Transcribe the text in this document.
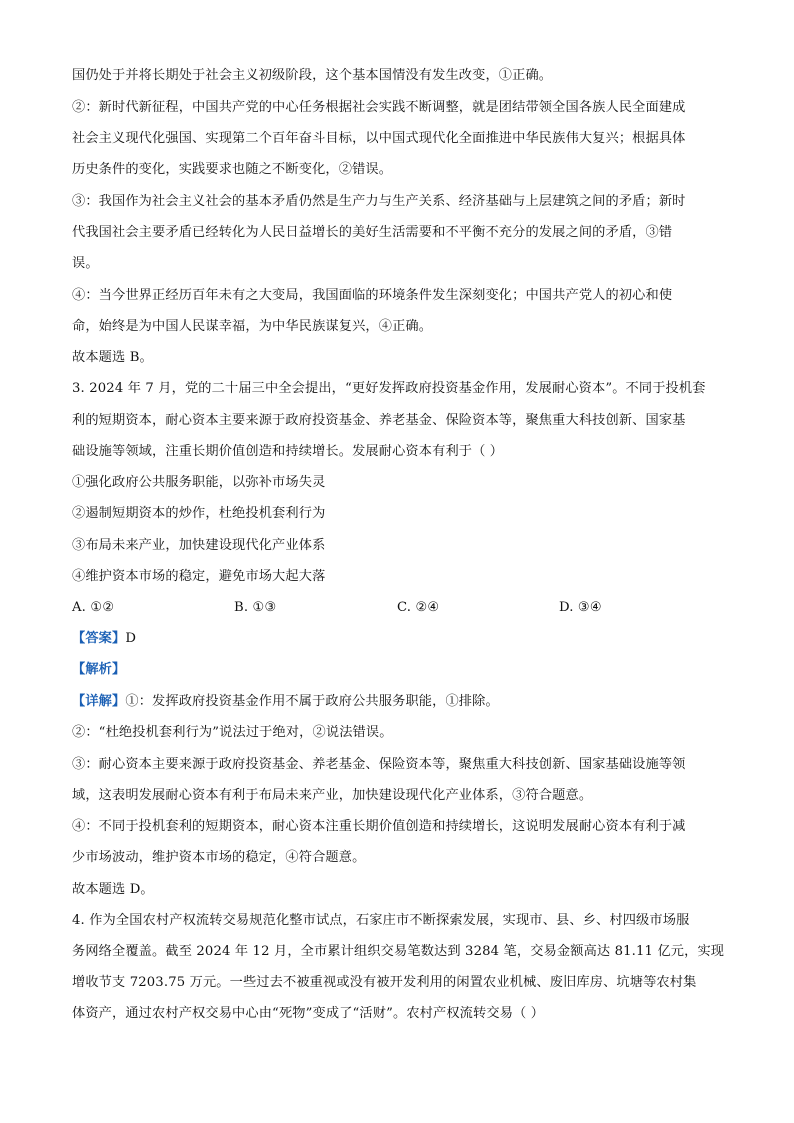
国仍处于并将长期处于社会主义初级阶段，这个基本国情没有发生改变，①正确。
②：新时代新征程，中国共产党的中心任务根据社会实践不断调整，就是团结带领全国各族人民全面建成
社会主义现代化强国、实现第二个百年奋斗目标，以中国式现代化全面推进中华民族伟大复兴；根据具体
历史条件的变化，实践要求也随之不断变化，②错误。
③：我国作为社会主义社会的基本矛盾仍然是生产力与生产关系、经济基础与上层建筑之间的矛盾；新时
代我国社会主要矛盾已经转化为人民日益增长的美好生活需要和不平衡不充分的发展之间的矛盾，③错
误。
④：当今世界正经历百年未有之大变局，我国面临的环境条件发生深刻变化；中国共产党人的初心和使
命，始终是为中国人民谋幸福，为中华民族谋复兴，④正确。
故本题选 B。
3. 2024 年 7 月，党的二十届三中全会提出，“更好发挥政府投资基金作用，发展耐心资本”。不同于投机套
利的短期资本，耐心资本主要来源于政府投资基金、养老基金、保险资本等，聚焦重大科技创新、国家基
础设施等领域，注重长期价值创造和持续增长。发展耐心资本有利于（ ）
①强化政府公共服务职能，以弥补市场失灵
②遏制短期资本的炒作，杜绝投机套利行为
③布局未来产业，加快建设现代化产业体系
④维护资本市场的稳定，避免市场大起大落
A. ①②	B. ①③	C. ②④	D. ③④
【答案】D
【解析】
【详解】①：发挥政府投资基金作用不属于政府公共服务职能，①排除。
②：“杜绝投机套利行为”说法过于绝对，②说法错误。
③：耐心资本主要来源于政府投资基金、养老基金、保险资本等，聚焦重大科技创新、国家基础设施等领
域，这表明发展耐心资本有利于布局未来产业，加快建设现代化产业体系，③符合题意。
④：不同于投机套利的短期资本，耐心资本注重长期价值创造和持续增长，这说明发展耐心资本有利于减
少市场波动，维护资本市场的稳定，④符合题意。
故本题选 D。
4. 作为全国农村产权流转交易规范化整市试点，石家庄市不断探索发展，实现市、县、乡、村四级市场服
务网络全覆盖。截至 2024 年 12 月，全市累计组织交易笔数达到 3284 笔，交易金额高达 81.11 亿元，实现
增收节支 7203.75 万元。一些过去不被重视或没有被开发利用的闲置农业机械、废旧库房、坑塘等农村集
体资产，通过农村产权交易中心由“死物”变成了“活财”。农村产权流转交易（ ）
